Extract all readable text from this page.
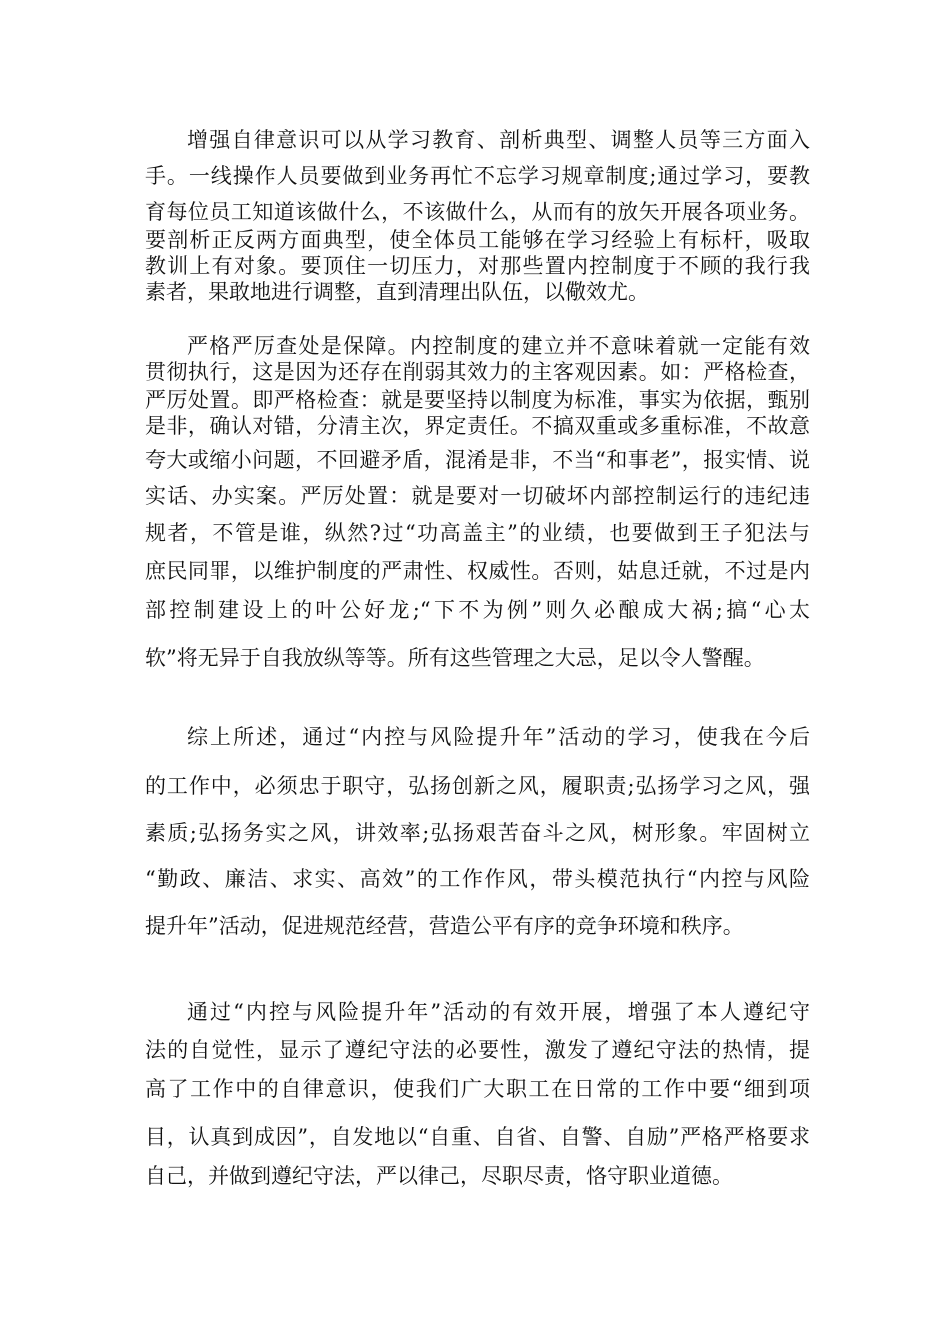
增强自律意识可以从学习教育、剖析典型、调整人员等三方面入
手。一线操作人员要做到业务再忙不忘学习规章制度;通过学习，要教
育每位员工知道该做什么，不该做什么，从而有的放矢开展各项业务。
要剖析正反两方面典型，使全体员工能够在学习经验上有标杆，吸取
教训上有对象。要顶住一切压力，对那些置内控制度于不顾的我行我
素者，果敢地进行调整，直到清理出队伍，以儆效尤。
严格严厉查处是保障。内控制度的建立并不意味着就一定能有效
贯彻执行，这是因为还存在削弱其效力的主客观因素。如：严格检查，
严厉处置。即严格检查：就是要坚持以制度为标准，事实为依据，甄别
是非，确认对错，分清主次，界定责任。不搞双重或多重标准，不故意
夸大或缩小问题，不回避矛盾，混淆是非，不当“和事老”，报实情、说
实话、办实案。严厉处置：就是要对一切破坏内部控制运行的违纪违
规者，不管是谁，纵然?过“功高盖主”的业绩，也要做到王子犯法与
庶民同罪，以维护制度的严肃性、权威性。否则，姑息迁就，不过是内
部控制建设上的叶公好龙;“下不为例”则久必酿成大祸;搞“心太
软”将无异于自我放纵等等。所有这些管理之大忌，足以令人警醒。
综上所述，通过“内控与风险提升年”活动的学习，使我在今后
的工作中，必须忠于职守，弘扬创新之风，履职责;弘扬学习之风，强
素质;弘扬务实之风，讲效率;弘扬艰苦奋斗之风，树形象。牢固树立
“勤政、廉洁、求实、高效”的工作作风，带头模范执行“内控与风险
提升年”活动，促进规范经营，营造公平有序的竞争环境和秩序。
通过“内控与风险提升年”活动的有效开展，增强了本人遵纪守
法的自觉性，显示了遵纪守法的必要性，激发了遵纪守法的热情，提
高了工作中的自律意识，使我们广大职工在日常的工作中要“细到项
目，认真到成因”，自发地以“自重、自省、自警、自励”严格严格要求
自己，并做到遵纪守法，严以律己，尽职尽责，恪守职业道德。
